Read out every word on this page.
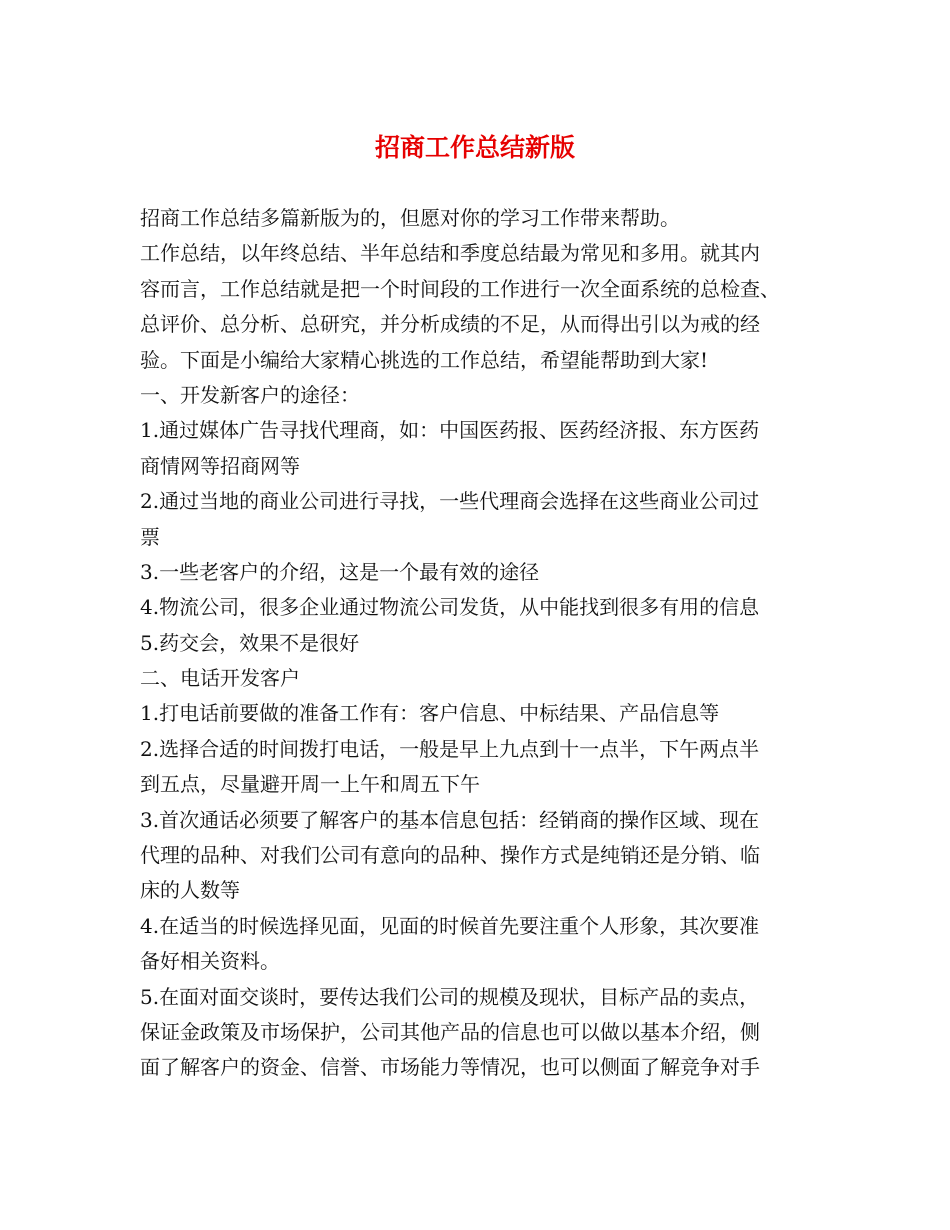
招商工作总结新版
招商工作总结多篇新版为的，但愿对你的学习工作带来帮助。
工作总结，以年终总结、半年总结和季度总结最为常见和多用。就其内
容而言，工作总结就是把一个时间段的工作进行一次全面系统的总检查、
总评价、总分析、总研究，并分析成绩的不足，从而得出引以为戒的经
验。下面是小编给大家精心挑选的工作总结，希望能帮助到大家!
一、开发新客户的途径：
1.通过媒体广告寻找代理商，如：中国医药报、医药经济报、东方医药
商情网等招商网等
2.通过当地的商业公司进行寻找，一些代理商会选择在这些商业公司过
票
3.一些老客户的介绍，这是一个最有效的途径
4.物流公司，很多企业通过物流公司发货，从中能找到很多有用的信息
5.药交会，效果不是很好
二、电话开发客户
1.打电话前要做的准备工作有：客户信息、中标结果、产品信息等
2.选择合适的时间拨打电话，一般是早上九点到十一点半，下午两点半
到五点，尽量避开周一上午和周五下午
3.首次通话必须要了解客户的基本信息包括：经销商的操作区域、现在
代理的品种、对我们公司有意向的品种、操作方式是纯销还是分销、临
床的人数等
4.在适当的时候选择见面，见面的时候首先要注重个人形象，其次要准
备好相关资料。
5.在面对面交谈时，要传达我们公司的规模及现状，目标产品的卖点，
保证金政策及市场保护，公司其他产品的信息也可以做以基本介绍，侧
面了解客户的资金、信誉、市场能力等情况，也可以侧面了解竞争对手
